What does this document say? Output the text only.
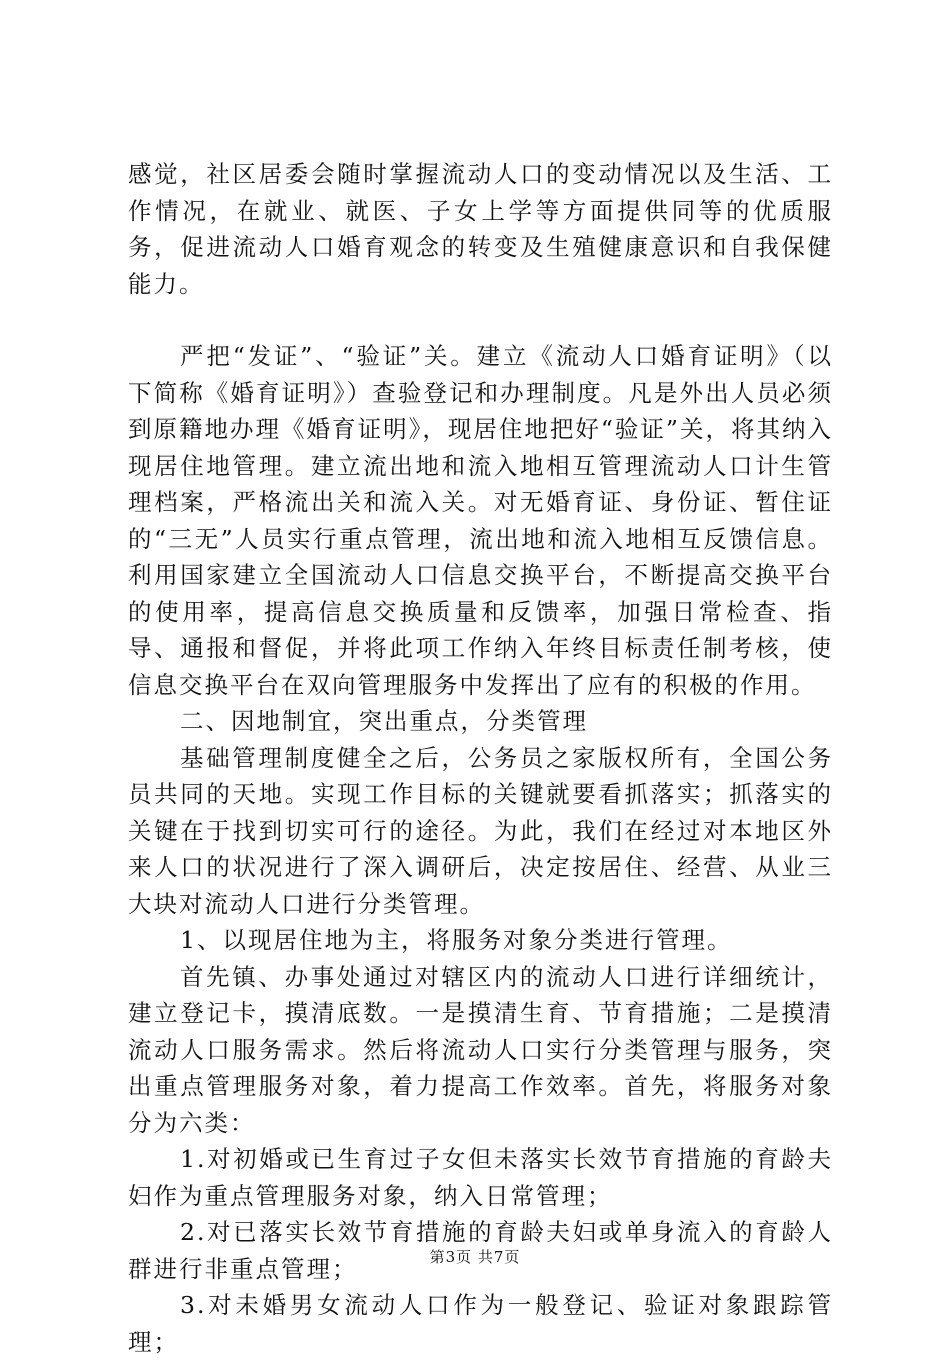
感觉，社区居委会随时掌握流动人口的变动情况以及生活、工作情况，在就业、就医、子女上学等方面提供同等的优质服务，促进流动人口婚育观念的转变及生殖健康意识和自我保健能力。

严把“发证”、“验证”关。建立《流动人口婚育证明》（以下简称《婚育证明》）查验登记和办理制度。凡是外出人员必须到原籍地办理《婚育证明》，现居住地把好“验证”关，将其纳入现居住地管理。建立流出地和流入地相互管理流动人口计生管理档案，严格流出关和流入关。对无婚育证、身份证、暂住证的“三无”人员实行重点管理，流出地和流入地相互反馈信息。利用国家建立全国流动人口信息交换平台，不断提高交换平台的使用率，提高信息交换质量和反馈率，加强日常检查、指导、通报和督促，并将此项工作纳入年终目标责任制考核，使信息交换平台在双向管理服务中发挥出了应有的积极的作用。

二、因地制宜，突出重点，分类管理

基础管理制度健全之后，公务员之家版权所有，全国公务员共同的天地。实现工作目标的关键就要看抓落实；抓落实的关键在于找到切实可行的途径。为此，我们在经过对本地区外来人口的状况进行了深入调研后，决定按居住、经营、从业三大块对流动人口进行分类管理。

1、以现居住地为主，将服务对象分类进行管理。

首先镇、办事处通过对辖区内的流动人口进行详细统计，建立登记卡，摸清底数。一是摸清生育、节育措施；二是摸清流动人口服务需求。然后将流动人口实行分类管理与服务，突出重点管理服务对象，着力提高工作效率。首先，将服务对象分为六类：

1.对初婚或已生育过子女但未落实长效节育措施的育龄夫妇作为重点管理服务对象，纳入日常管理；

2.对已落实长效节育措施的育龄夫妇或单身流入的育龄人群进行非重点管理；

3.对未婚男女流动人口作为一般登记、验证对象跟踪管理；

第3页 共7页
